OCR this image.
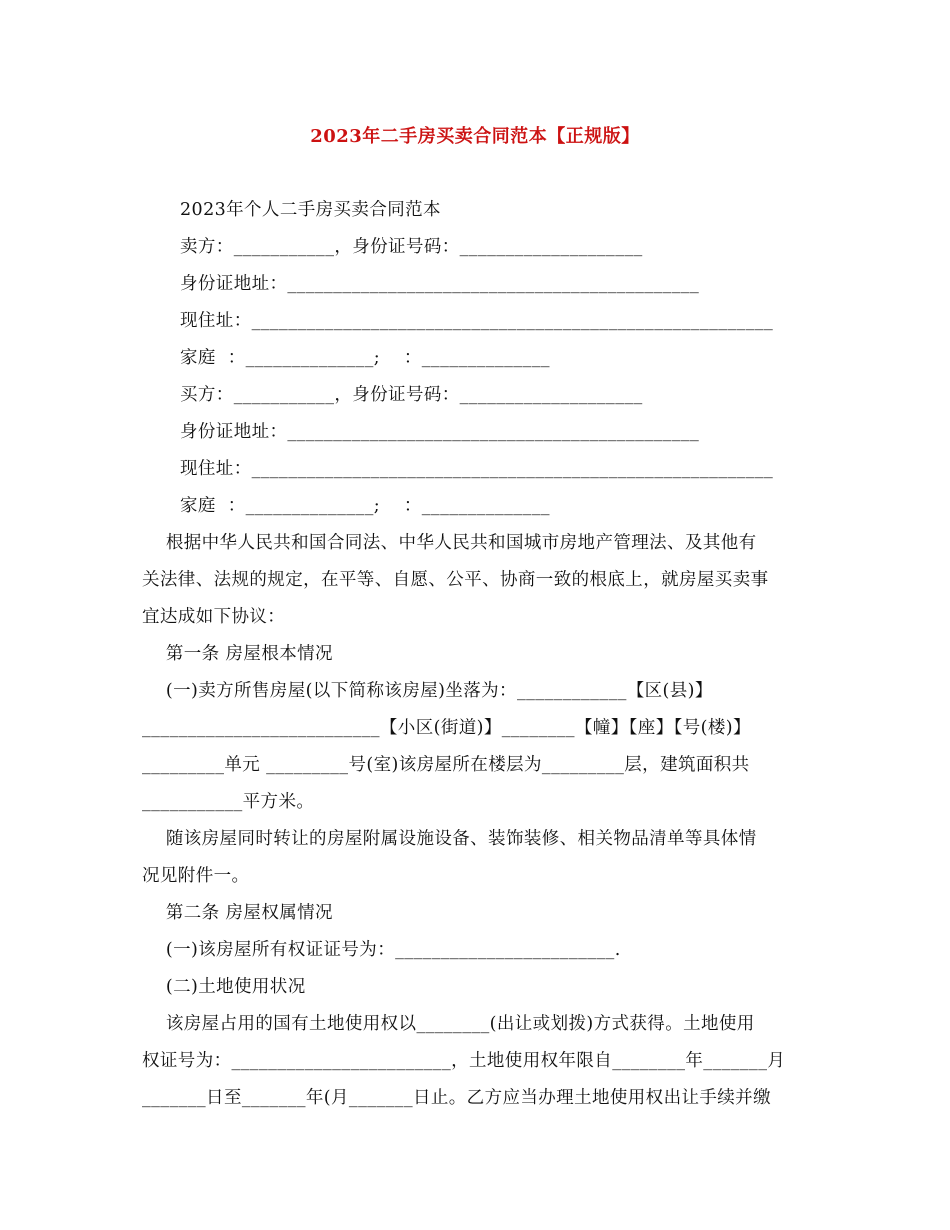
2023年二手房买卖合同范本【正规版】
2023年个人二手房买卖合同范本
卖方：___________，身份证号码：____________________
身份证地址：_____________________________________________
现住址：_________________________________________________________
家庭  ：______________;    ：______________
买方：___________，身份证号码：____________________
身份证地址：_____________________________________________
现住址：_________________________________________________________
家庭  ：______________;    ：______________
根据中华人民共和国合同法、中华人民共和国城市房地产管理法、及其他有
关法律、法规的规定，在平等、自愿、公平、协商一致的根底上，就房屋买卖事
宜达成如下协议：
第一条 房屋根本情况
(一)卖方所售房屋(以下简称该房屋)坐落为：____________【区(县)】
__________________________【小区(街道)】________【幢】【座】【号(楼)】
_________单元 _________号(室)该房屋所在楼层为_________层，建筑面积共
___________平方米。
随该房屋同时转让的房屋附属设施设备、装饰装修、相关物品清单等具体情
况见附件一。
第二条 房屋权属情况
(一)该房屋所有权证证号为：________________________.
(二)土地使用状况
该房屋占用的国有土地使用权以________(出让或划拨)方式获得。土地使用
权证号为：________________________，土地使用权年限自________年_______月
_______日至_______年(月_______日止。乙方应当办理土地使用权出让手续并缴
